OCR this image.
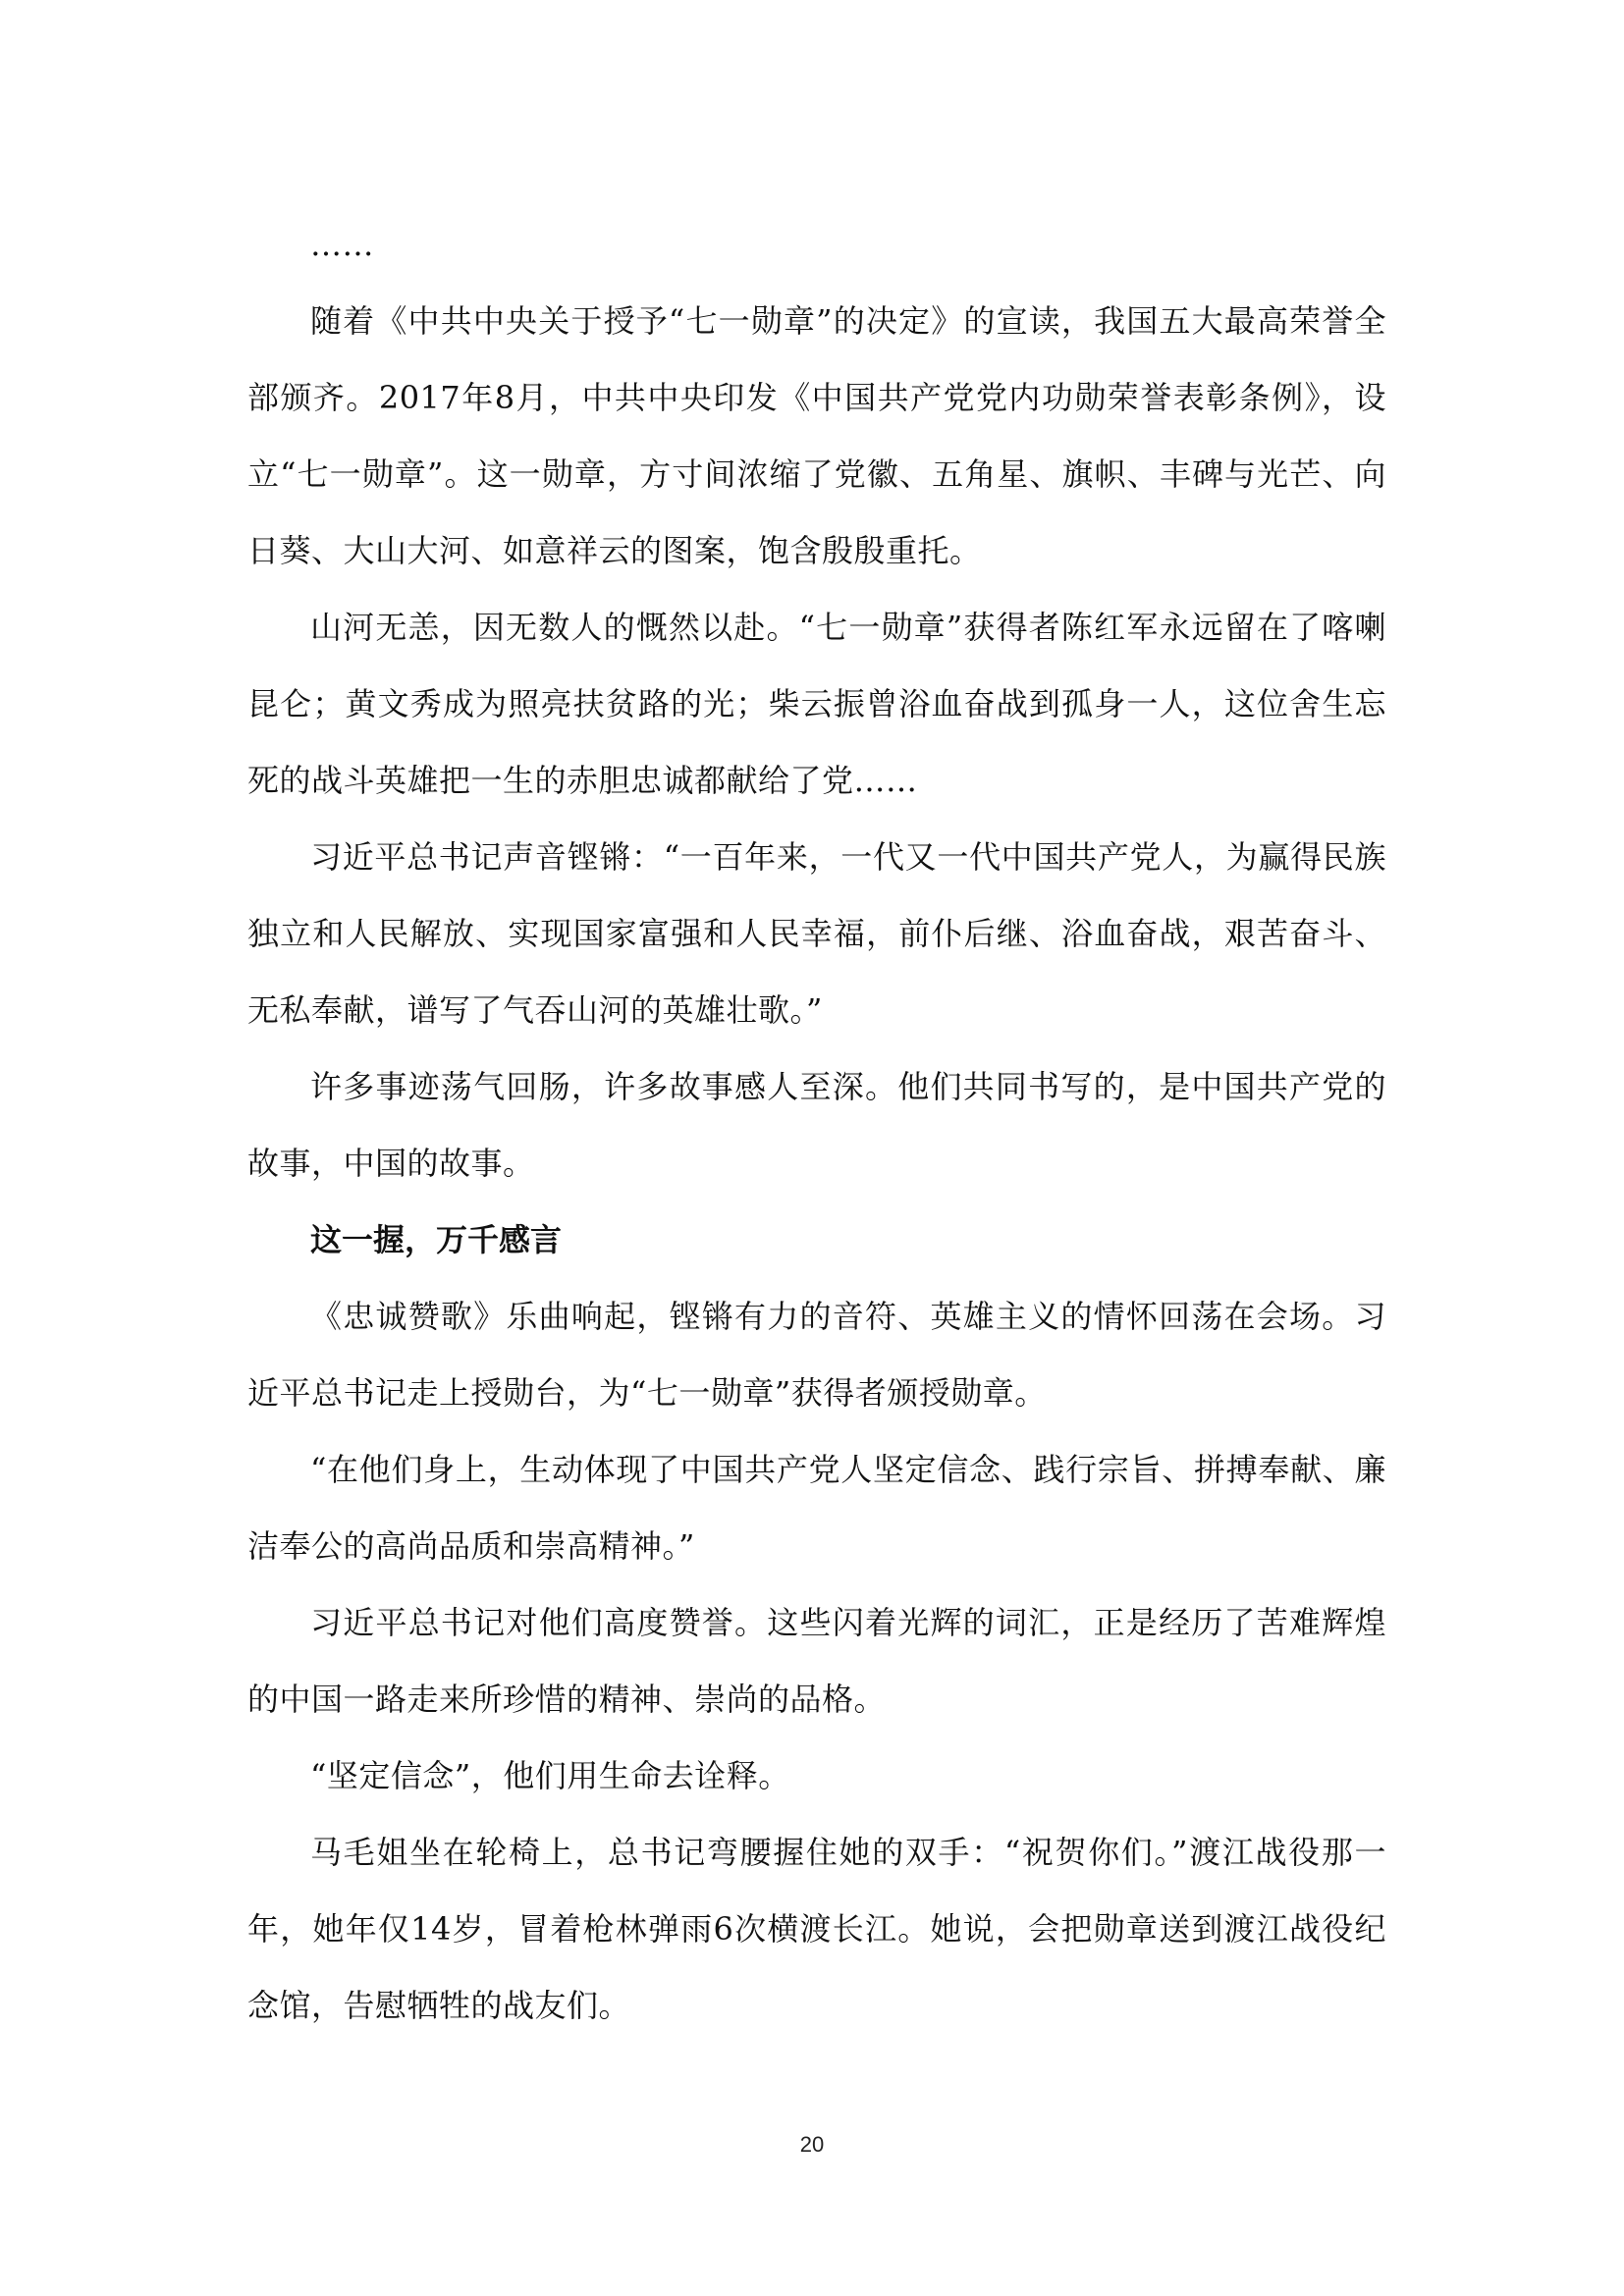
……

随着《中共中央关于授予“七一勋章”的决定》的宣读，我国五大最高荣誉全部颁齐。2017年8月，中共中央印发《中国共产党党内功勋荣誉表彰条例》，设立“七一勋章”。这一勋章，方寸间浓缩了党徽、五角星、旗帜、丰碑与光芒、向日葵、大山大河、如意祥云的图案，饱含殷殷重托。

山河无恙，因无数人的慨然以赴。“七一勋章”获得者陈红军永远留在了喀喇昆仑；黄文秀成为照亮扶贫路的光；柴云振曾浴血奋战到孤身一人，这位舍生忘死的战斗英雄把一生的赤胆忠诚都献给了党……

习近平总书记声音铿锵：“一百年来，一代又一代中国共产党人，为赢得民族独立和人民解放、实现国家富强和人民幸福，前仆后继、浴血奋战，艰苦奋斗、无私奉献，谱写了气吞山河的英雄壮歌。”

许多事迹荡气回肠，许多故事感人至深。他们共同书写的，是中国共产党的故事，中国的故事。

这一握，万千感言

《忠诚赞歌》乐曲响起，铿锵有力的音符、英雄主义的情怀回荡在会场。习近平总书记走上授勋台，为“七一勋章”获得者颁授勋章。

“在他们身上，生动体现了中国共产党人坚定信念、践行宗旨、拼搏奉献、廉洁奉公的高尚品质和崇高精神。”

习近平总书记对他们高度赞誉。这些闪着光辉的词汇，正是经历了苦难辉煌的中国一路走来所珍惜的精神、崇尚的品格。

“坚定信念”，他们用生命去诠释。

马毛姐坐在轮椅上，总书记弯腰握住她的双手：“祝贺你们。”渡江战役那一年，她年仅14岁，冒着枪林弹雨6次横渡长江。她说，会把勋章送到渡江战役纪念馆，告慰牺牲的战友们。

20
